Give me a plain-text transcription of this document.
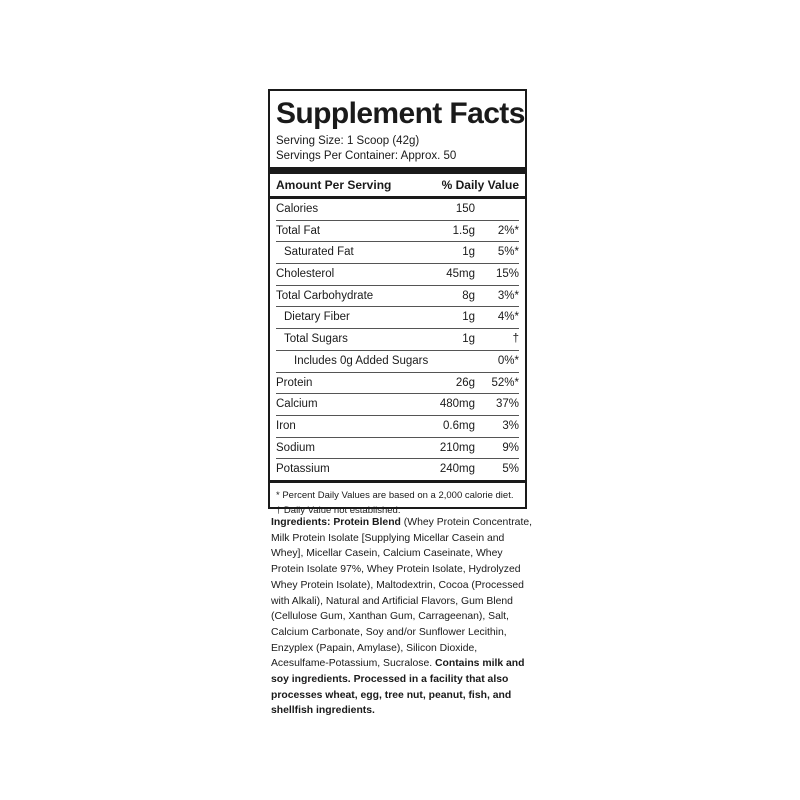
Supplement Facts
Serving Size: 1 Scoop (42g)
Servings Per Container: Approx. 50
Amount Per Serving	% Daily Value
Calories	150
Total Fat	1.5g 2%*
Saturated Fat	1g 5%*
Cholesterol	45mg 15%
Total Carbohydrate	8g 3%*
Dietary Fiber	1g 4%*
Total Sugars	1g	†
Includes 0g Added Sugars	0%*
Protein	26g 52%*
Calcium	480mg 37%
Iron	0.6mg 3%
Sodium	210mg 9%
Potassium	240mg 5%
* Percent Daily Values are based on a 2,000 calorie diet.
† Daily Value not established.
Ingredients: Protein Blend (Whey Protein Concentrate, Milk Protein Isolate [Supplying Micellar Casein and Whey], Micellar Casein, Calcium Caseinate, Whey Protein Isolate 97%, Whey Protein Isolate, Hydrolyzed Whey Protein Isolate), Maltodextrin, Cocoa (Processed with Alkali), Natural and Artificial Flavors, Gum Blend (Cellulose Gum, Xanthan Gum, Carrageenan), Salt, Calcium Carbonate, Soy and/or Sunflower Lecithin, Enzyplex (Papain, Amylase), Silicon Dioxide, Acesulfame-Potassium, Sucralose. Contains milk and soy ingredients. Processed in a facility that also processes wheat, egg, tree nut, peanut, fish, and shellfish ingredients.
